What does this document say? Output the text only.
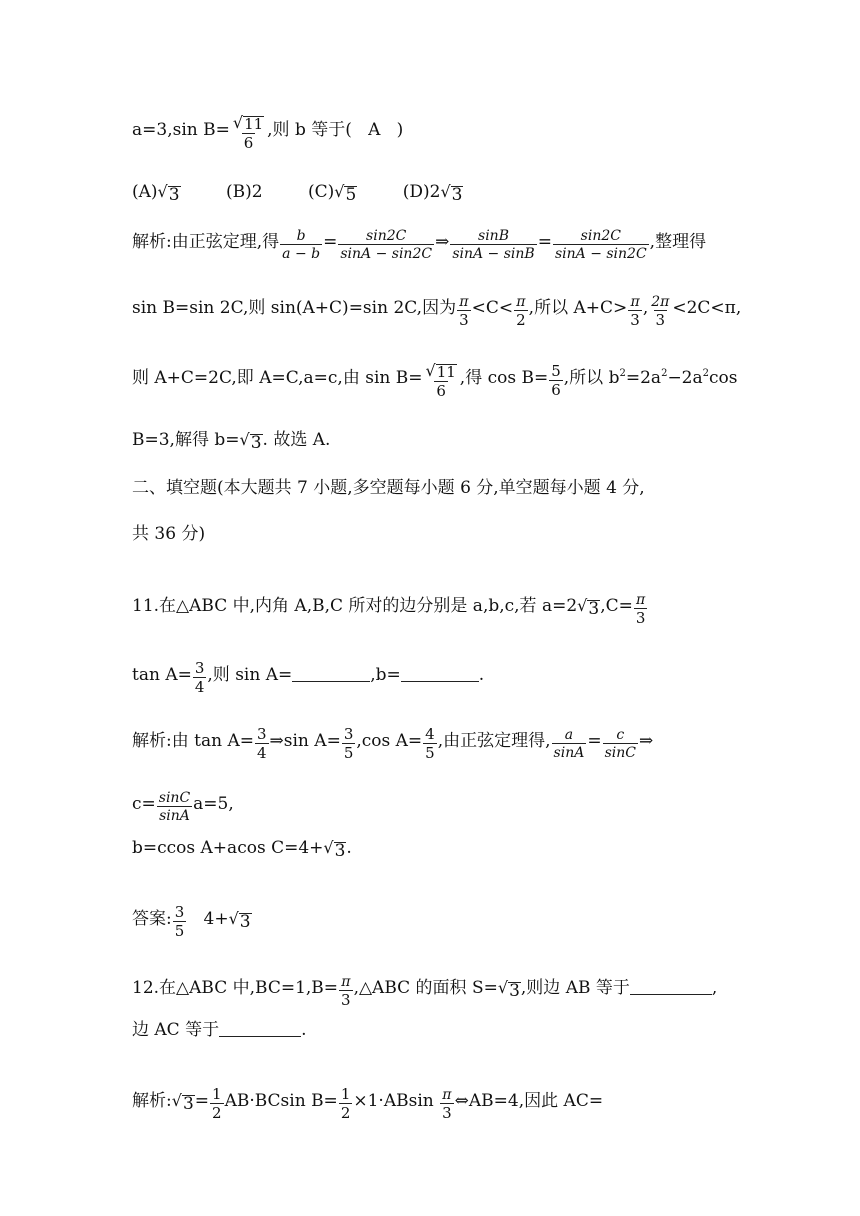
a=3,sin $B= \frac{√ 11}{6}$ ,则 b 等于( A )
(A) √ 3	(B)2	(C) √ 5	(D)2 √ 3
解析:由正弦定理,得 $\frac{b}{a - b} = \frac{\sin 2C}{\sin A - \sin 2C}$ ⇒ $\frac{\sin B}{\sin A - \sin B} = \frac{\sin 2C}{\sin A - \sin 2C}$ ,整理得
sin B=sin 2C,则 sin(A+C)=sin 2C,因为 $\frac{\pi}{3} <C< \frac{\pi}{2}$ ,所以 $A+C> \frac{\pi}{3}$ , $\frac{2\pi}{3} <2C<\pi$,
则 A+C=2C,即 A=C,a=c,由 $\sin B= \frac{√ 11}{6}$ ,得 $\cos B= \frac{5}{6}$ ,所以 $b^2=2a^2-2a^2\cos$
B=3,解得 b= √ 3 . 故选 A.
二、填空题(本大题共 7 小题,多空题每小题 6 分,单空题每小题 4 分,
共 36 分)
11.在△ABC 中,内角 A,B,C 所对的边分别是 a,b,c,若 a=2 √ 3 $,C= \frac{\pi}{3}$
$\tan A= \frac{3}{4}$ ,则 sin A=	,b=	.
解析:由 $\tan A= \frac{3}{4}$ ⇒sin $A= \frac{3}{5} ,\cos$ $A= \frac{4}{5}$ ,由正弦定理得, $\frac{a}{\sin A} = \frac{c}{\sin C}$ ⇒
$c= \frac{\sin C}{\sin A} a=5$,
b=ccos A+acos C=4+ √ 3 .
答案: $\frac{3}{5} 4+$ √ 3
12.在△ABC 中$,BC=1,B= \frac{\pi}{3}$ ,△ABC 的面积 S= √ 3 ,则边 AB 等于	,
边 AC 等于	.
解析: √ $3 = \frac{1}{2} AB\cdot BCsin$ $B= \frac{1}{2} \times 1\cdot ABsin \frac{\pi}{3}$ ⇔AB=4,因此 AC=
